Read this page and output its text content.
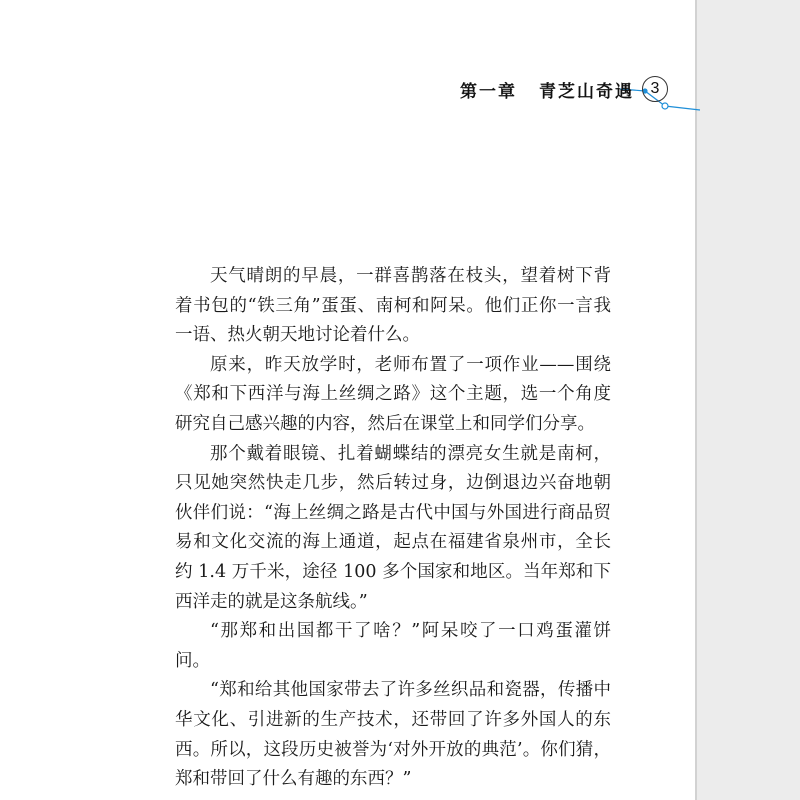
第一章 青芝山奇遇	3

天气晴朗的早晨，一群喜鹊落在枝头，望着树下背着书包的“铁三角”蛋蛋、南柯和阿呆。他们正你一言我一语、热火朝天地讨论着什么。

原来，昨天放学时，老师布置了一项作业——围绕《郑和下西洋与海上丝绸之路》这个主题，选一个角度研究自己感兴趣的内容，然后在课堂上和同学们分享。

那个戴着眼镜、扎着蝴蝶结的漂亮女生就是南柯，只见她突然快走几步，然后转过身，边倒退边兴奋地朝伙伴们说：“海上丝绸之路是古代中国与外国进行商品贸易和文化交流的海上通道，起点在福建省泉州市，全长约 1.4 万千米，途径 100 多个国家和地区。当年郑和下西洋走的就是这条航线。”

“那郑和出国都干了啥？”阿呆咬了一口鸡蛋灌饼问。

“郑和给其他国家带去了许多丝织品和瓷器，传播中华文化、引进新的生产技术，还带回了许多外国人的东西。所以，这段历史被誉为‘对外开放的典范’。你们猜，郑和带回了什么有趣的东西？”
